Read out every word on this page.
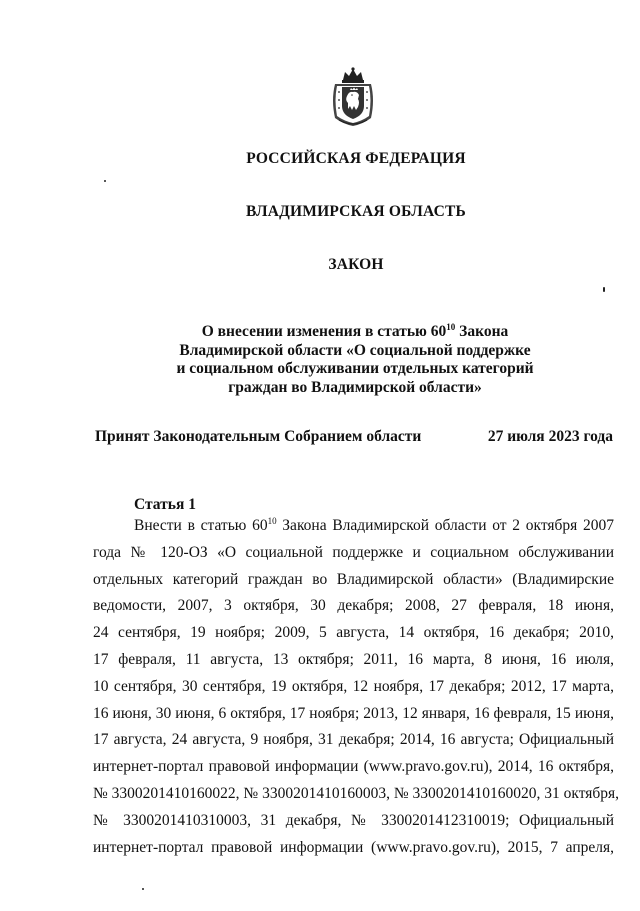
РОССИЙСКАЯ ФЕДЕРАЦИЯ
ВЛАДИМИРСКАЯ ОБЛАСТЬ
ЗАКОН
О внесении изменения в статью $60^{10}$ Закона
Владимирской области «О социальной поддержке
и социальном обслуживании отдельных категорий
граждан во Владимирской области»
Принят Законодательным Собранием области	27 июля 2023 года
Статья 1
Внести в статью $60^{10}$ Закона Владимирской области от 2 октября 2007
года № 120-ОЗ «О социальной поддержке и социальном обслуживании
отдельных категорий граждан во Владимирской области» (Владимирские
ведомости, 2007, 3 октября, 30 декабря; 2008, 27 февраля, 18 июня,
24 сентября, 19 ноября; 2009, 5 августа, 14 октября, 16 декабря; 2010,
17 февраля, 11 августа, 13 октября; 2011, 16 марта, 8 июня, 16 июля,
10 сентября, 30 сентября, 19 октября, 12 ноября, 17 декабря; 2012, 17 марта,
16 июня, 30 июня, 6 октября, 17 ноября; 2013, 12 января, 16 февраля, 15 июня,
17 августа, 24 августа, 9 ноября, 31 декабря; 2014, 16 августа; Официальный
интернет-портал правовой информации (www.pravo.gov.ru), 2014, 16 октября,
№ 3300201410160022, № 3300201410160003, № 3300201410160020, 31 октября,
№ 3300201410310003, 31 декабря, № 3300201412310019; Официальный
интернет-портал правовой информации (www.pravo.gov.ru), 2015, 7 апреля,
